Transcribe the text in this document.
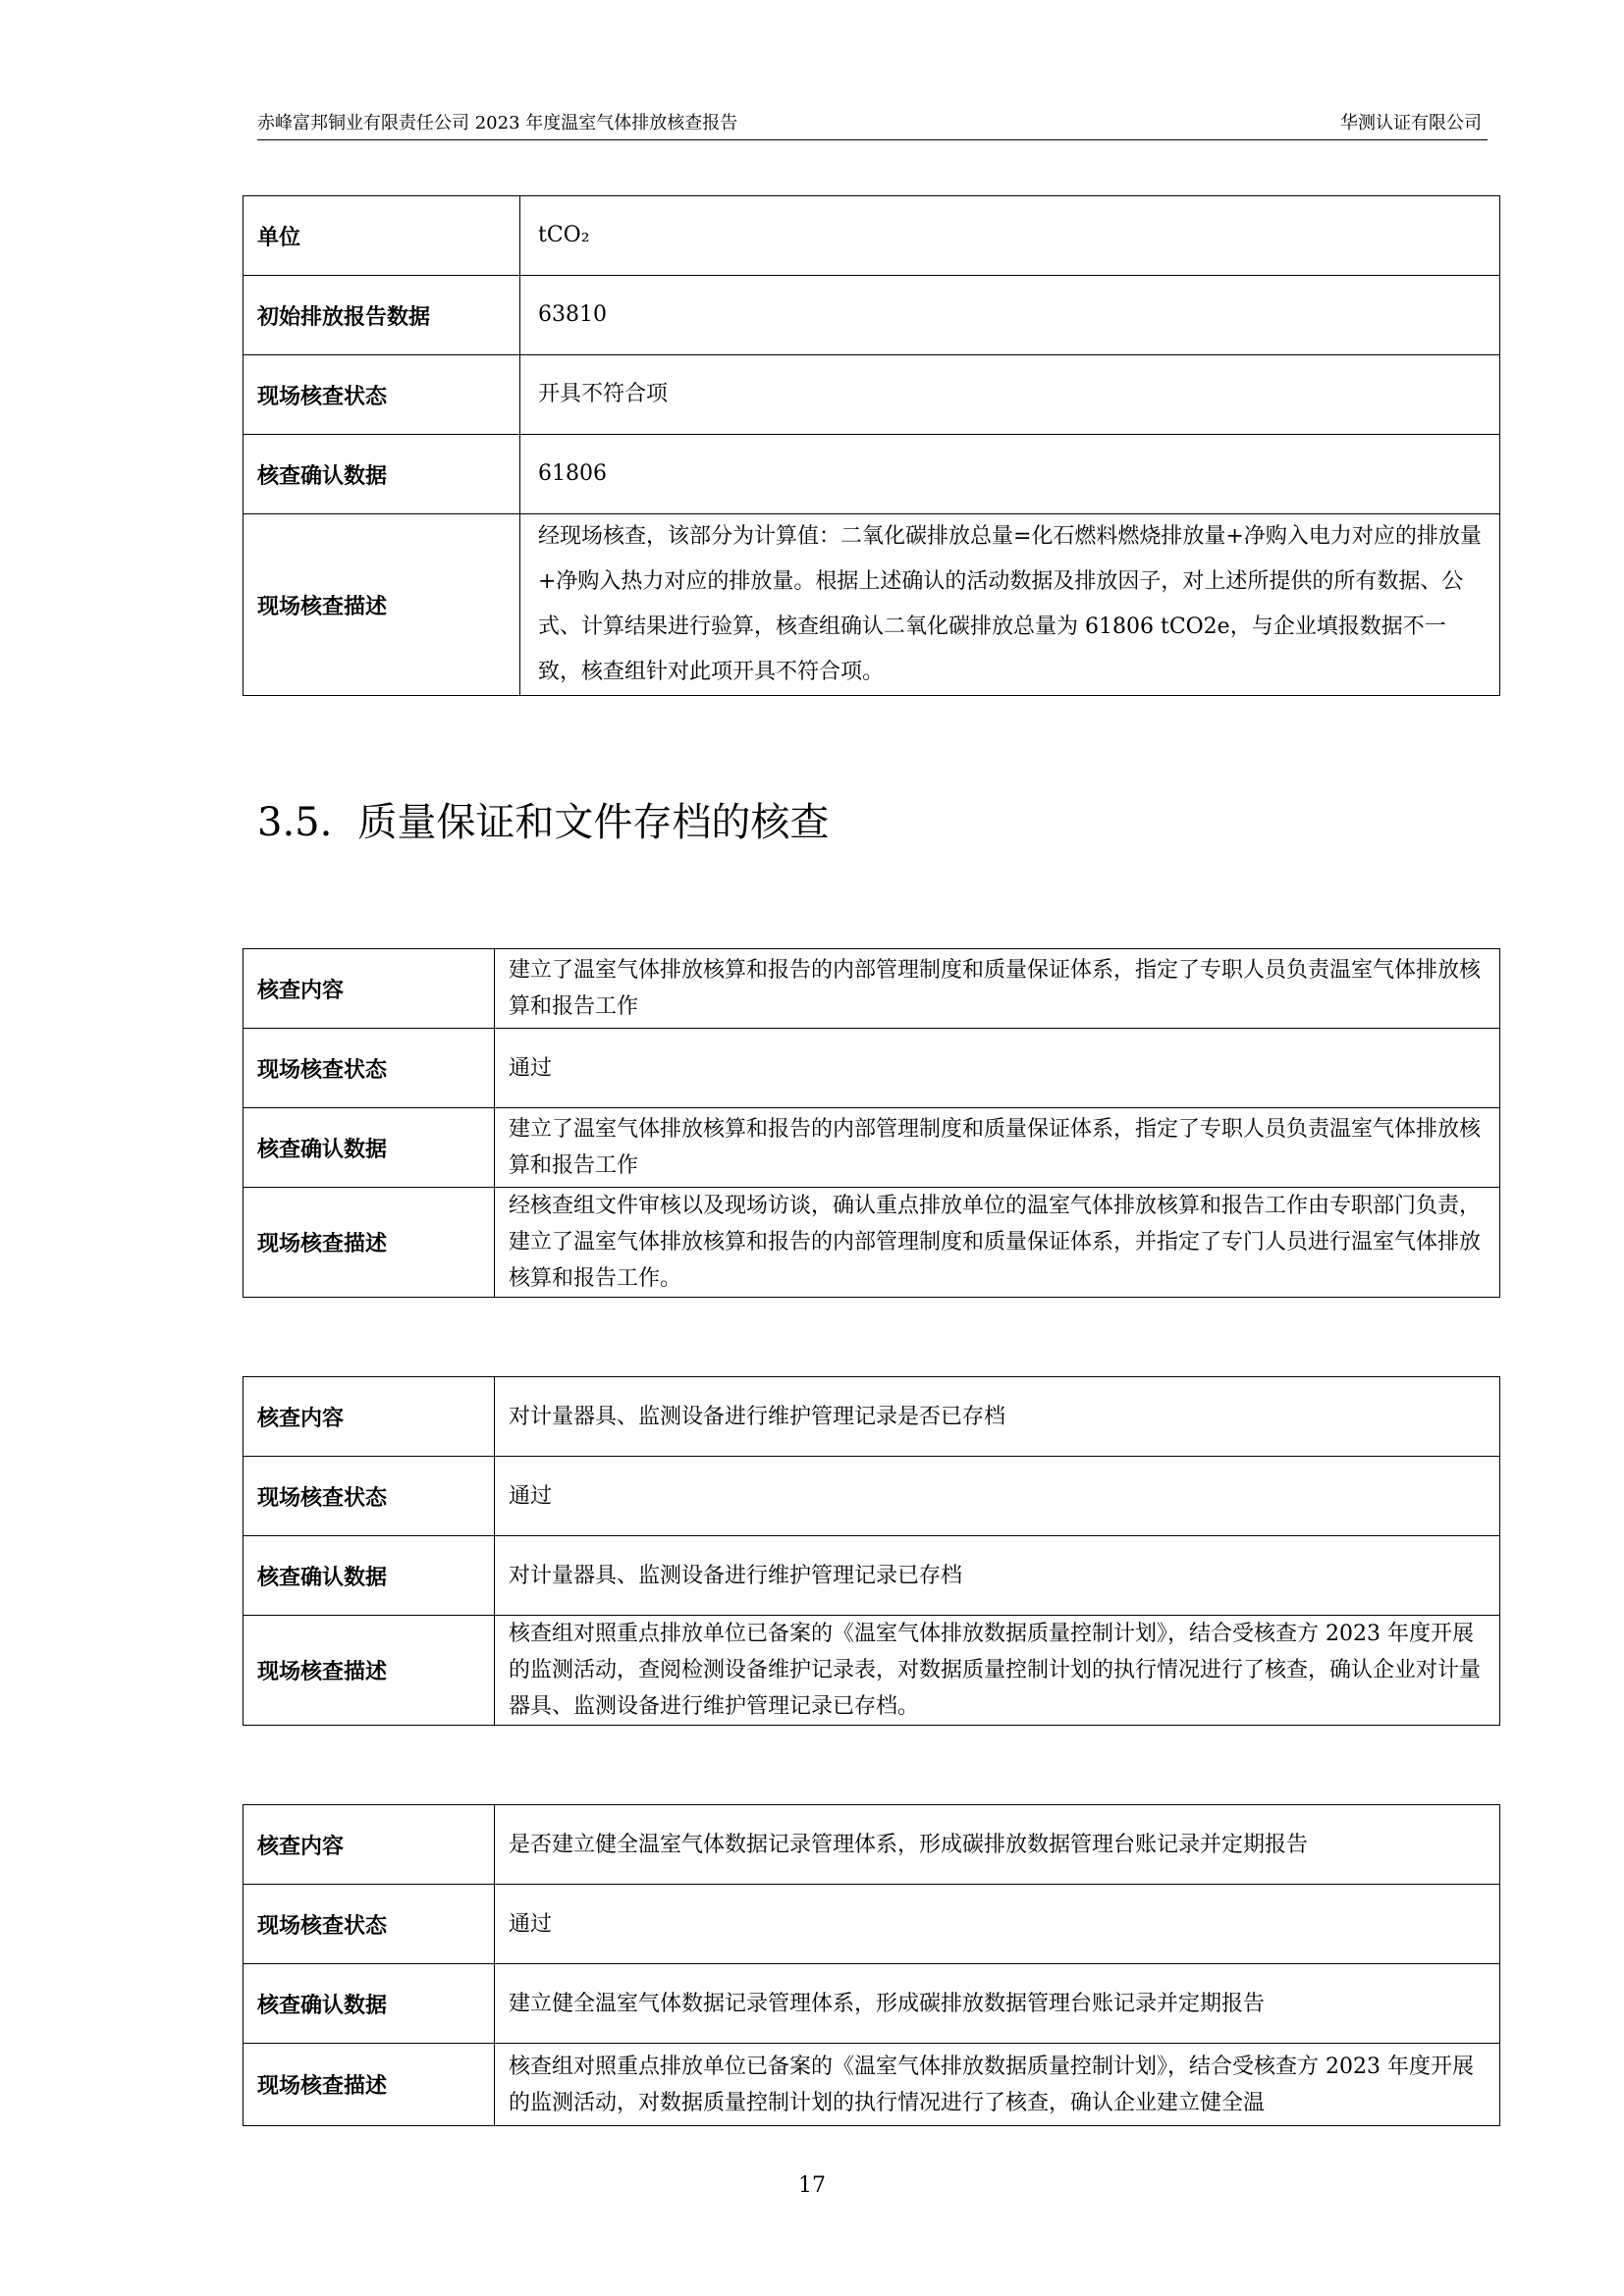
赤峰富邦铜业有限责任公司 2023 年度温室气体排放核查报告	华测认证有限公司
单位	tCO₂
初始排放报告数据	63810
现场核查状态	开具不符合项
核查确认数据	61806
现场核查描述	经现场核查，该部分为计算值：二氧化碳排放总量=化石燃料燃烧排放量+净购入电力对应的排放量+净购入热力对应的排放量。根据上述确认的活动数据及排放因子，对上述所提供的所有数据、公式、计算结果进行验算，核查组确认二氧化碳排放总量为 61806 tCO2e，与企业填报数据不一致，核查组针对此项开具不符合项。
3.5. 质量保证和文件存档的核查
核查内容	建立了温室气体排放核算和报告的内部管理制度和质量保证体系，指定了专职人员负责温室气体排放核算和报告工作
现场核查状态	通过
核查确认数据	建立了温室气体排放核算和报告的内部管理制度和质量保证体系，指定了专职人员负责温室气体排放核算和报告工作
现场核查描述	经核查组文件审核以及现场访谈，确认重点排放单位的温室气体排放核算和报告工作由专职部门负责，建立了温室气体排放核算和报告的内部管理制度和质量保证体系，并指定了专门人员进行温室气体排放核算和报告工作。
核查内容	对计量器具、监测设备进行维护管理记录是否已存档
现场核查状态	通过
核查确认数据	对计量器具、监测设备进行维护管理记录已存档
现场核查描述	核查组对照重点排放单位已备案的《温室气体排放数据质量控制计划》，结合受核查方 2023 年度开展的监测活动，查阅检测设备维护记录表，对数据质量控制计划的执行情况进行了核查，确认企业对计量器具、监测设备进行维护管理记录已存档。
核查内容	是否建立健全温室气体数据记录管理体系，形成碳排放数据管理台账记录并定期报告
现场核查状态	通过
核查确认数据	建立健全温室气体数据记录管理体系，形成碳排放数据管理台账记录并定期报告
现场核查描述	核查组对照重点排放单位已备案的《温室气体排放数据质量控制计划》，结合受核查方 2023 年度开展的监测活动，对数据质量控制计划的执行情况进行了核查，确认企业建立健全温
17
